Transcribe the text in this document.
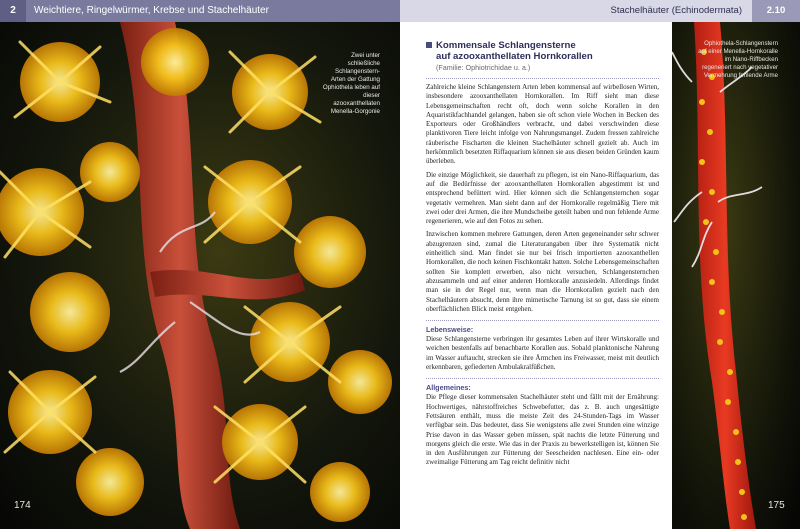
2	Weichtiere, Ringelwürmer, Krebse und Stachelhäuter
Zwei unter schließliche Schlangenstern-Arten der Gattung Ophiothela leben auf dieser azooxanthellaten Menella-Gorgonie
174
Stachelhäuter (Echinodermata)	2.10
Kommensale Schlangensterne
auf azooxanthellaten Hornkorallen
(Familie: Ophiotrichidae u. a.)

Zahlreiche kleine Schlangenstern Arten leben kommensal auf wirbellosen Wirten, insbesondere azooxanthellaten Hornkorallen. Im Riff sieht man diese Lebensgemeinschaften recht oft, doch wenn solche Korallen in den Aquaristikfachhandel gelangen, haben sie oft schon viele Wochen in Becken des Exporteurs oder Großhändlers verbracht, und dabei verschwinden diese planktivoren Tiere leicht infolge von Nahrungsmangel. Zudem fressen zahlreiche räuberische Fischarten die kleinen Stachelhäuter schnell gezielt ab. Auch im herkömmlich besetzten Riffaquarium können sie aus diesen beiden Gründen kaum überleben.

Die einzige Möglichkeit, sie dauerhaft zu pflegen, ist ein Nano-Riffaquarium, das auf die Bedürfnisse der azooxanthellaten Hornkorallen abgestimmt ist und entsprechend befüttert wird. Hier können sich die Schlangensternchen sogar vegetativ vermehren. Man sieht dann auf der Hornkoralle regelmäßig Tiere mit zwei oder drei Armen, die ihre Mundscheibe geteilt haben und nun fehlende Arme regenerieren, wie auf den Fotos zu sehen.

Inzwischen kommen mehrere Gattungen, deren Arten gegeneinander sehr schwer abzugrenzen sind, zumal die Literaturangaben über ihre Systematik nicht einheitlich sind. Man findet sie nur bei frisch importierten azooxanthellen Hornkorallen, die noch keinen Fischkontakt hatten. Solche Lebensgemeinschaften sollten Sie komplett erwerben, also nicht versuchen, Schlangensternchen abzusammeln und auf einer anderen Hornkoralle anzusiedeln. Allerdings findet man sie in der Regel nur, wenn man die Hornkorallen gezielt nach den Stachelhäutern absucht, denn ihre mimetische Tarnung ist so gut, dass sie einem oberflächlichen Blick meist entgehen.

Lebensweise:

Diese Schlangensterne verbringen ihr gesamtes Leben auf ihrer Wirtskoralle und weichen bestenfalls auf benachbarte Korallen aus. Sobald planktonische Nahrung im Wasser auftaucht, strecken sie ihre Ärmchen ins Freiwasser, meist mit deutlich erkennbaren, gefiederten Ambulakralfüßchen.

Allgemeines:

Die Pflege dieser kommensalen Stachelhäuter steht und fällt mit der Ernährung: Hochwertiges, nährstoffreiches Schwebefutter, das z. B. auch ungesättigte Fettsäuren enthält, muss die meiste Zeit des 24-Stunden-Tags im Wasser verfügbar sein. Das bedeutet, dass Sie wenigstens alle zwei Stunden eine winzige Prise davon in das Wasser geben müssen, spät nachts die letzte Fütterung und morgens gleich die erste. Wie das in der Praxis zu bewerkstelligen ist, können Sie in den Ausführungen zur Fütterung der Seescheiden nachlesen. Eine ein- oder zweimalige Fütterung am Tag reicht definitiv nicht

Ophiothela-Schlangenstern auf einer Menella-Hornkoralle im Nano-Riffbecken regeneriert nach vegetativer Vermehrung fehlende Arme
175
